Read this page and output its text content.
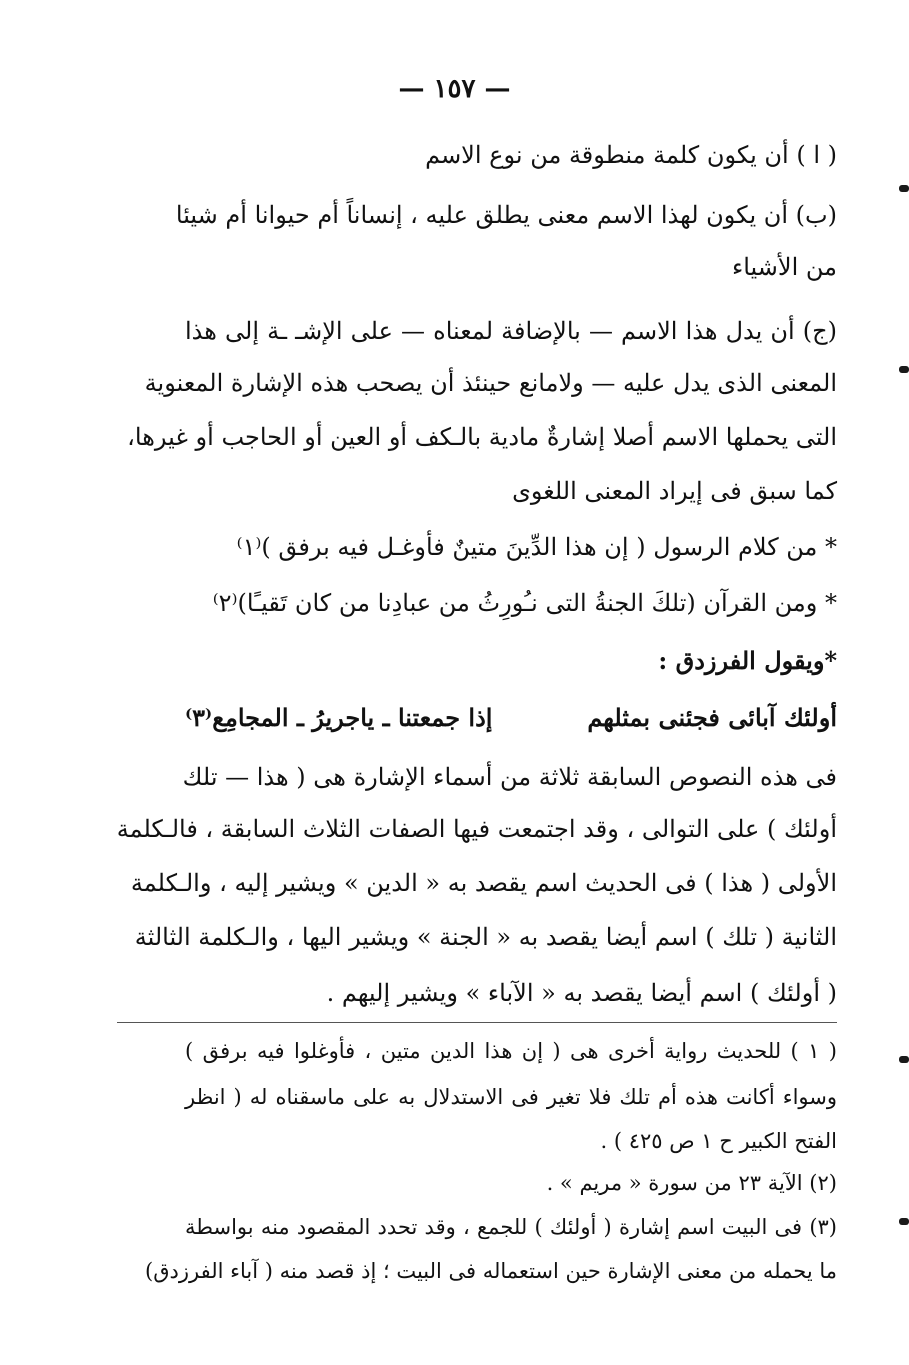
— ١٥٧ —
( ا ) أن يكون كلمة منطوقة من نوع الاسم
(ب) أن يكون لهذا الاسم معنى يطلق عليه ، إنساناً أم حيوانا أم شيئا
من الأشياء
(ج) أن يدل هذا الاسم — بالإضافة لمعناه — على الإشـ ـة إلى هذا
المعنى الذى يدل عليه — ولامانع حينئذ أن يصحب هذه الإشارة المعنوية
التى يحملها الاسم أصلا إشارةٌ مادية بالـكف أو العين أو الحاجب أو غيرها،
كما سبق فى إيراد المعنى اللغوى
* من كلام الرسول ( إن هذا الدِّينَ متينٌ فأوغـل فيه برفق )⁽١⁾
* ومن القرآن (تلكَ الجنةُ التى نـُورِثُ من عبادِنا من كان تَقيـًا)⁽٢⁾
*ويقول الفرزدق :
أولئك آبائى فجئنى بمثلهم
إذا جمعتنا ـ ياجريرُ ـ المجامِع⁽٣⁾
فى هذه النصوص السابقة ثلاثة من أسماء الإشارة هى ( هذا — تلك
أولئك ) على التوالى ، وقد اجتمعت فيها الصفات الثلاث السابقة ، فالـكلمة
الأولى ( هذا ) فى الحديث اسم يقصد به « الدين » ويشير إليه ، والـكلمة
الثانية ( تلك ) اسم أيضا يقصد به « الجنة » ويشير اليها ، والـكلمة الثالثة
( أولئك ) اسم أيضا يقصد به « الآباء » ويشير إليهم .
( ١ ) للحديث رواية أخرى هى ( إن هذا الدين متين ، فأوغلوا فيه برفق )
وسواء أكانت هذه أم تلك فلا تغير فى الاستدلال به على ماسقناه له ( انظر
الفتح الكبير ح ١ ص ٤٢٥ ) .
(٢) الآية ٢٣ من سورة « مريم » .
(٣) فى البيت اسم إشارة ( أولئك ) للجمع ، وقد تحدد المقصود منه بواسطة
ما يحمله من معنى الإشارة حين استعماله فى البيت ؛ إذ قصد منه ( آباء الفرزدق)
